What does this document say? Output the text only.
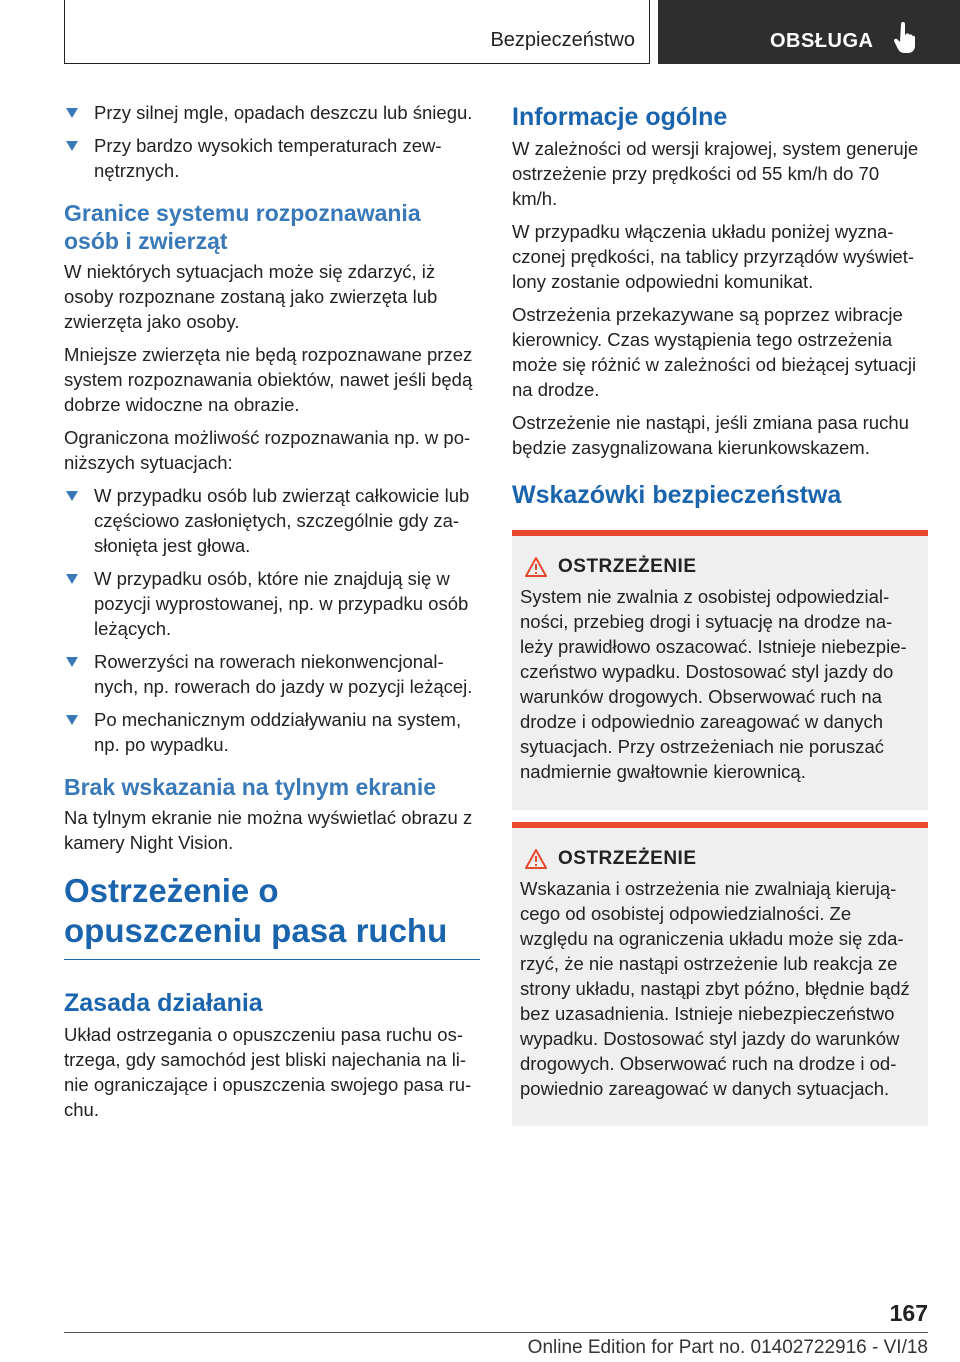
Bezpieczeństwo	OBSŁUGA
Przy silnej mgle, opadach deszczu lub śniegu.
Przy bardzo wysokich temperaturach zew-nętrznych.
Granice systemu rozpoznawania osób i zwierząt

W niektórych sytuacjach może się zdarzyć, iż osoby rozpoznane zostaną jako zwierzęta lub zwierzęta jako osoby.

Mniejsze zwierzęta nie będą rozpoznawane przez system rozpoznawania obiektów, nawet jeśli będą dobrze widoczne na obrazie.

Ograniczona możliwość rozpoznawania np. w po-niższych sytuacjach:

W przypadku osób lub zwierząt całkowicie lub częściowo zasłoniętych, szczególnie gdy za-słonięta jest głowa.
W przypadku osób, które nie znajdują się w pozycji wyprostowanej, np. w przypadku osób leżących.
Rowerzyści na rowerach niekonwencjonal-nych, np. rowerach do jazdy w pozycji leżącej.
Po mechanicznym oddziaływaniu na system, np. po wypadku.
Brak wskazania na tylnym ekranie

Na tylnym ekranie nie można wyświetlać obrazu z kamery Night Vision.

Ostrzeżenie o opuszczeniu pasa ruchu
Zasada działania

Układ ostrzegania o opuszczeniu pasa ruchu os-trzega, gdy samochód jest bliski najechania na li-nie ograniczające i opuszczenia swojego pasa ru-chu.

Informacje ogólne

W zależności od wersji krajowej, system generuje ostrzeżenie przy prędkości od 55 km/h do 70 km/h.

W przypadku włączenia układu poniżej wyzna-czonej prędkości, na tablicy przyrządów wyświet-lony zostanie odpowiedni komunikat.

Ostrzeżenia przekazywane są poprzez wibracje kierownicy. Czas wystąpienia tego ostrzeżenia może się różnić w zależności od bieżącej sytuacji na drodze.

Ostrzeżenie nie nastąpi, jeśli zmiana pasa ruchu będzie zasygnalizowana kierunkowskazem.

Wskazówki bezpieczeństwa
OSTRZEŻENIE

System nie zwalnia z osobistej odpowiedzial-ności, przebieg drogi i sytuację na drodze na-leży prawidłowo oszacować. Istnieje niebezpie-czeństwo wypadku. Dostosować styl jazdy do warunków drogowych. Obserwować ruch na drodze i odpowiednio zareagować w danych sytuacjach. Przy ostrzeżeniach nie poruszać nadmiernie gwałtownie kierownicą.

OSTRZEŻENIE

Wskazania i ostrzeżenia nie zwalniają kierują-cego od osobistej odpowiedzialności. Ze względu na ograniczenia układu może się zda-rzyć, że nie nastąpi ostrzeżenie lub reakcja ze strony układu, nastąpi zbyt późno, błędnie bądź bez uzasadnienia. Istnieje niebezpieczeństwo wypadku. Dostosować styl jazdy do warunków drogowych. Obserwować ruch na drodze i od-powiednio zareagować w danych sytuacjach.

167
Online Edition for Part no. 01402722916 - VI/18
